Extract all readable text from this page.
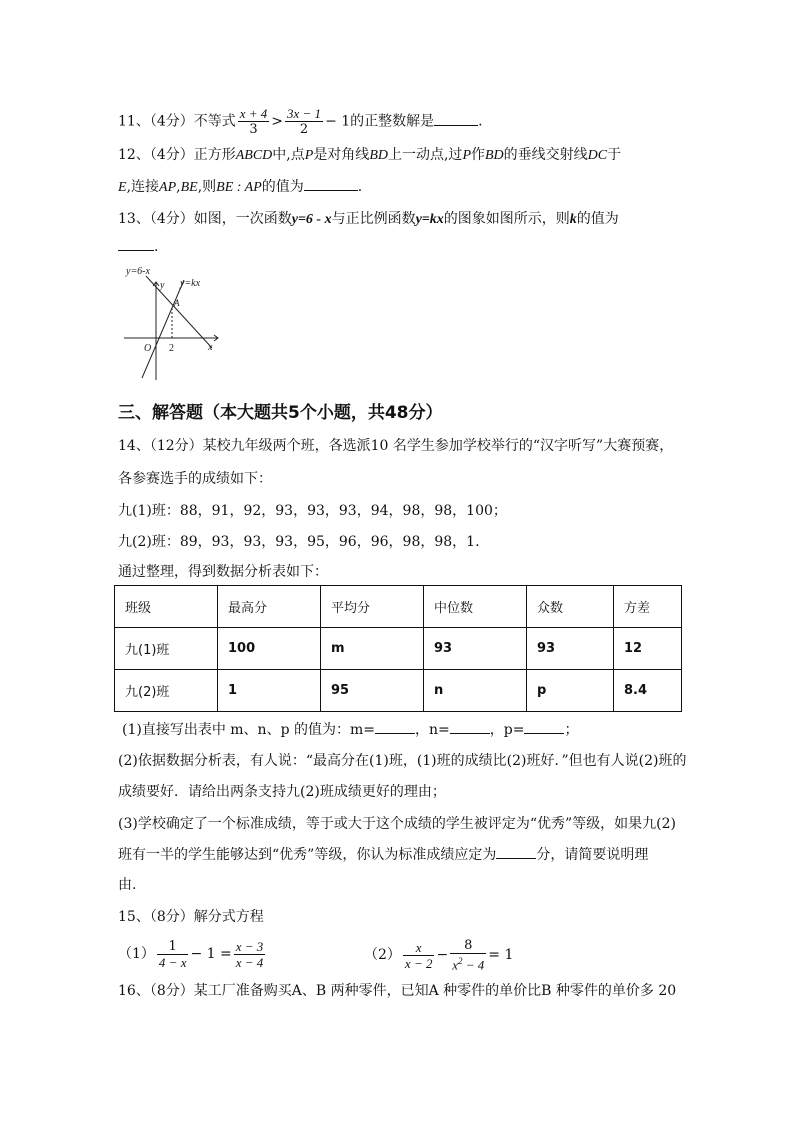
11、（4分）不等式 $\frac{x + 4}{3} > \frac{3x - 1}{2} - 1$的正整数解是	.
12、（4分）正方形ABCD中,点P是对角线BD上一动点,过P作BD的垂线交射线DC于
E,连接AP,BE,则BE : AP的值为	.
13、（4分）如图，一次函数y=6 - x与正比例函数y=kx的图象如图所示，则k的值为
.
y=6-x
y=kx
y
A
O 2	x
三、解答题（本大题共5个小题，共48分）
14、（12分）某校九年级两个班，各选派10 名学生参加学校举行的“汉字听写”大赛预赛，
各参赛选手的成绩如下：
九(1)班：88，91，92，93，93，93，94，98，98，100；
九(2)班：89，93，93，93，95，96，96，98，98，1.
通过整理，得到数据分析表如下：
班级	最高分	平均分	中位数	众数	方差
九(1)班	100	m	93	93	12
九(2)班	1	95	n	p	8.4
(1)直接写出表中 m、n、p 的值为：m=	，n=	，p=	；
(2)依据数据分析表，有人说：“最高分在(1)班，(1)班的成绩比(2)班好．”但也有人说(2)班的
成绩要好．请给出两条支持九(2)班成绩更好的理由；
(3)学校确定了一个标准成绩，等于或大于这个成绩的学生被评定为“优秀”等级，如果九(2)
班有一半的学生能够达到“优秀”等级，你认为标准成绩应定为	分，请简要说明理
由.
15、（8分）解分式方程
$(1) \frac{1}{4 - x} - 1 = \frac{x - 3}{x - 4}$	$(2) \frac{x}{x - 2} - \frac{8}{x^2 - 4} = 1$
16、（8分）某工厂准备购买A、B 两种零件，已知A 种零件的单价比B 种零件的单价多 20
